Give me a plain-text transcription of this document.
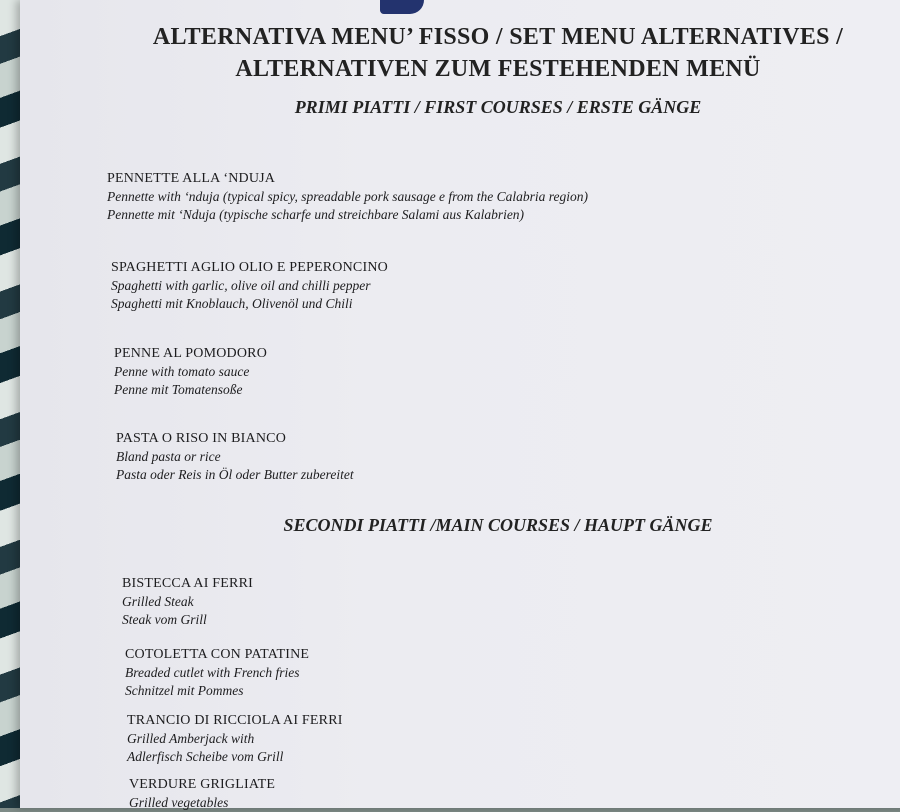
ALTERNATIVA MENU’ FISSO / SET MENU ALTERNATIVES /
ALTERNATIVEN ZUM FESTEHENDEN MENÜ
PRIMI PIATTI / FIRST COURSES / ERSTE GÄNGE
PENNETTE ALLA ‘NDUJA
Pennette with ‘nduja (typical spicy, spreadable pork sausage e from the Calabria region)
Pennette mit ‘Nduja (typische scharfe und streichbare Salami aus Kalabrien)
SPAGHETTI AGLIO OLIO E PEPERONCINO
Spaghetti with garlic, olive oil and chilli pepper
Spaghetti mit Knoblauch, Olivenöl und Chili
PENNE AL POMODORO
Penne with tomato sauce
Penne mit Tomatensoße
PASTA O RISO IN BIANCO
Bland pasta or rice
Pasta oder Reis in Öl oder Butter zubereitet
SECONDI PIATTI /MAIN COURSES / HAUPT GÄNGE
BISTECCA AI FERRI
Grilled Steak
Steak vom Grill
COTOLETTA CON PATATINE
Breaded cutlet with French fries
Schnitzel mit Pommes
TRANCIO DI RICCIOLA AI FERRI
Grilled Amberjack with
Adlerfisch Scheibe vom Grill
VERDURE GRIGLIATE
Grilled vegetables
